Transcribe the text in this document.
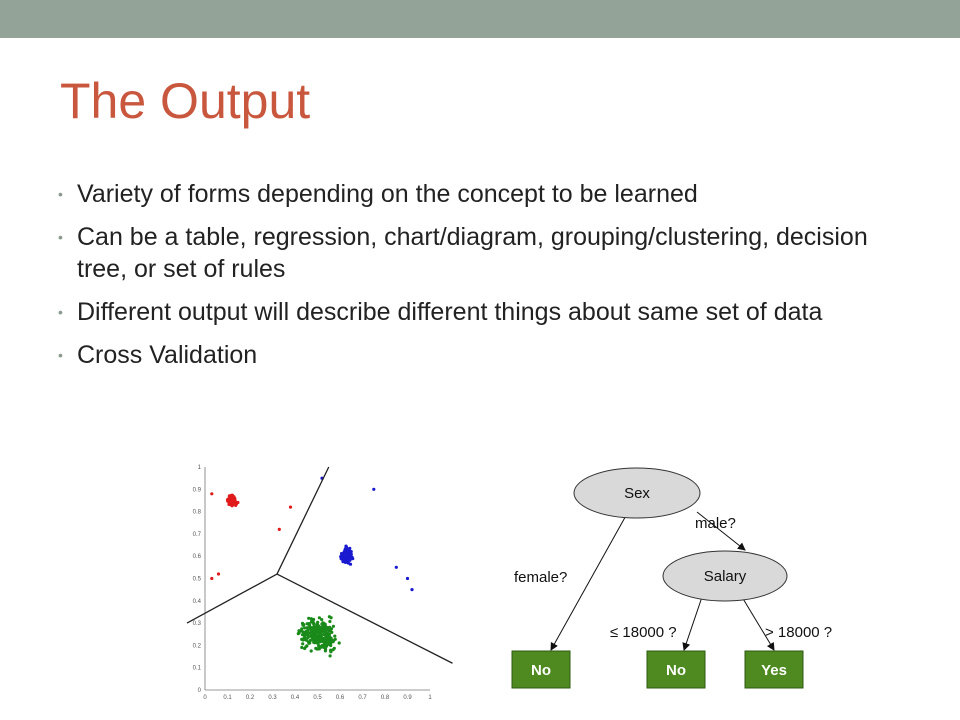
The Output
• Variety of forms depending on the concept to be learned
• Can be a table, regression, chart/diagram, grouping/clustering, decision tree, or set of rules
• Different output will describe different things about same set of data
• Cross Validation
0	0.1 0.2 0.3 0.4 0.5 0.6 0.7 0.8 0.9	1
0
0.1
0.2
0.3
0.4
0.5
0.6
0.7
0.8
0.9
1
Sex
Salary
male?
female?
≤ 18000 ?	> 18000 ?
No	No	Yes
